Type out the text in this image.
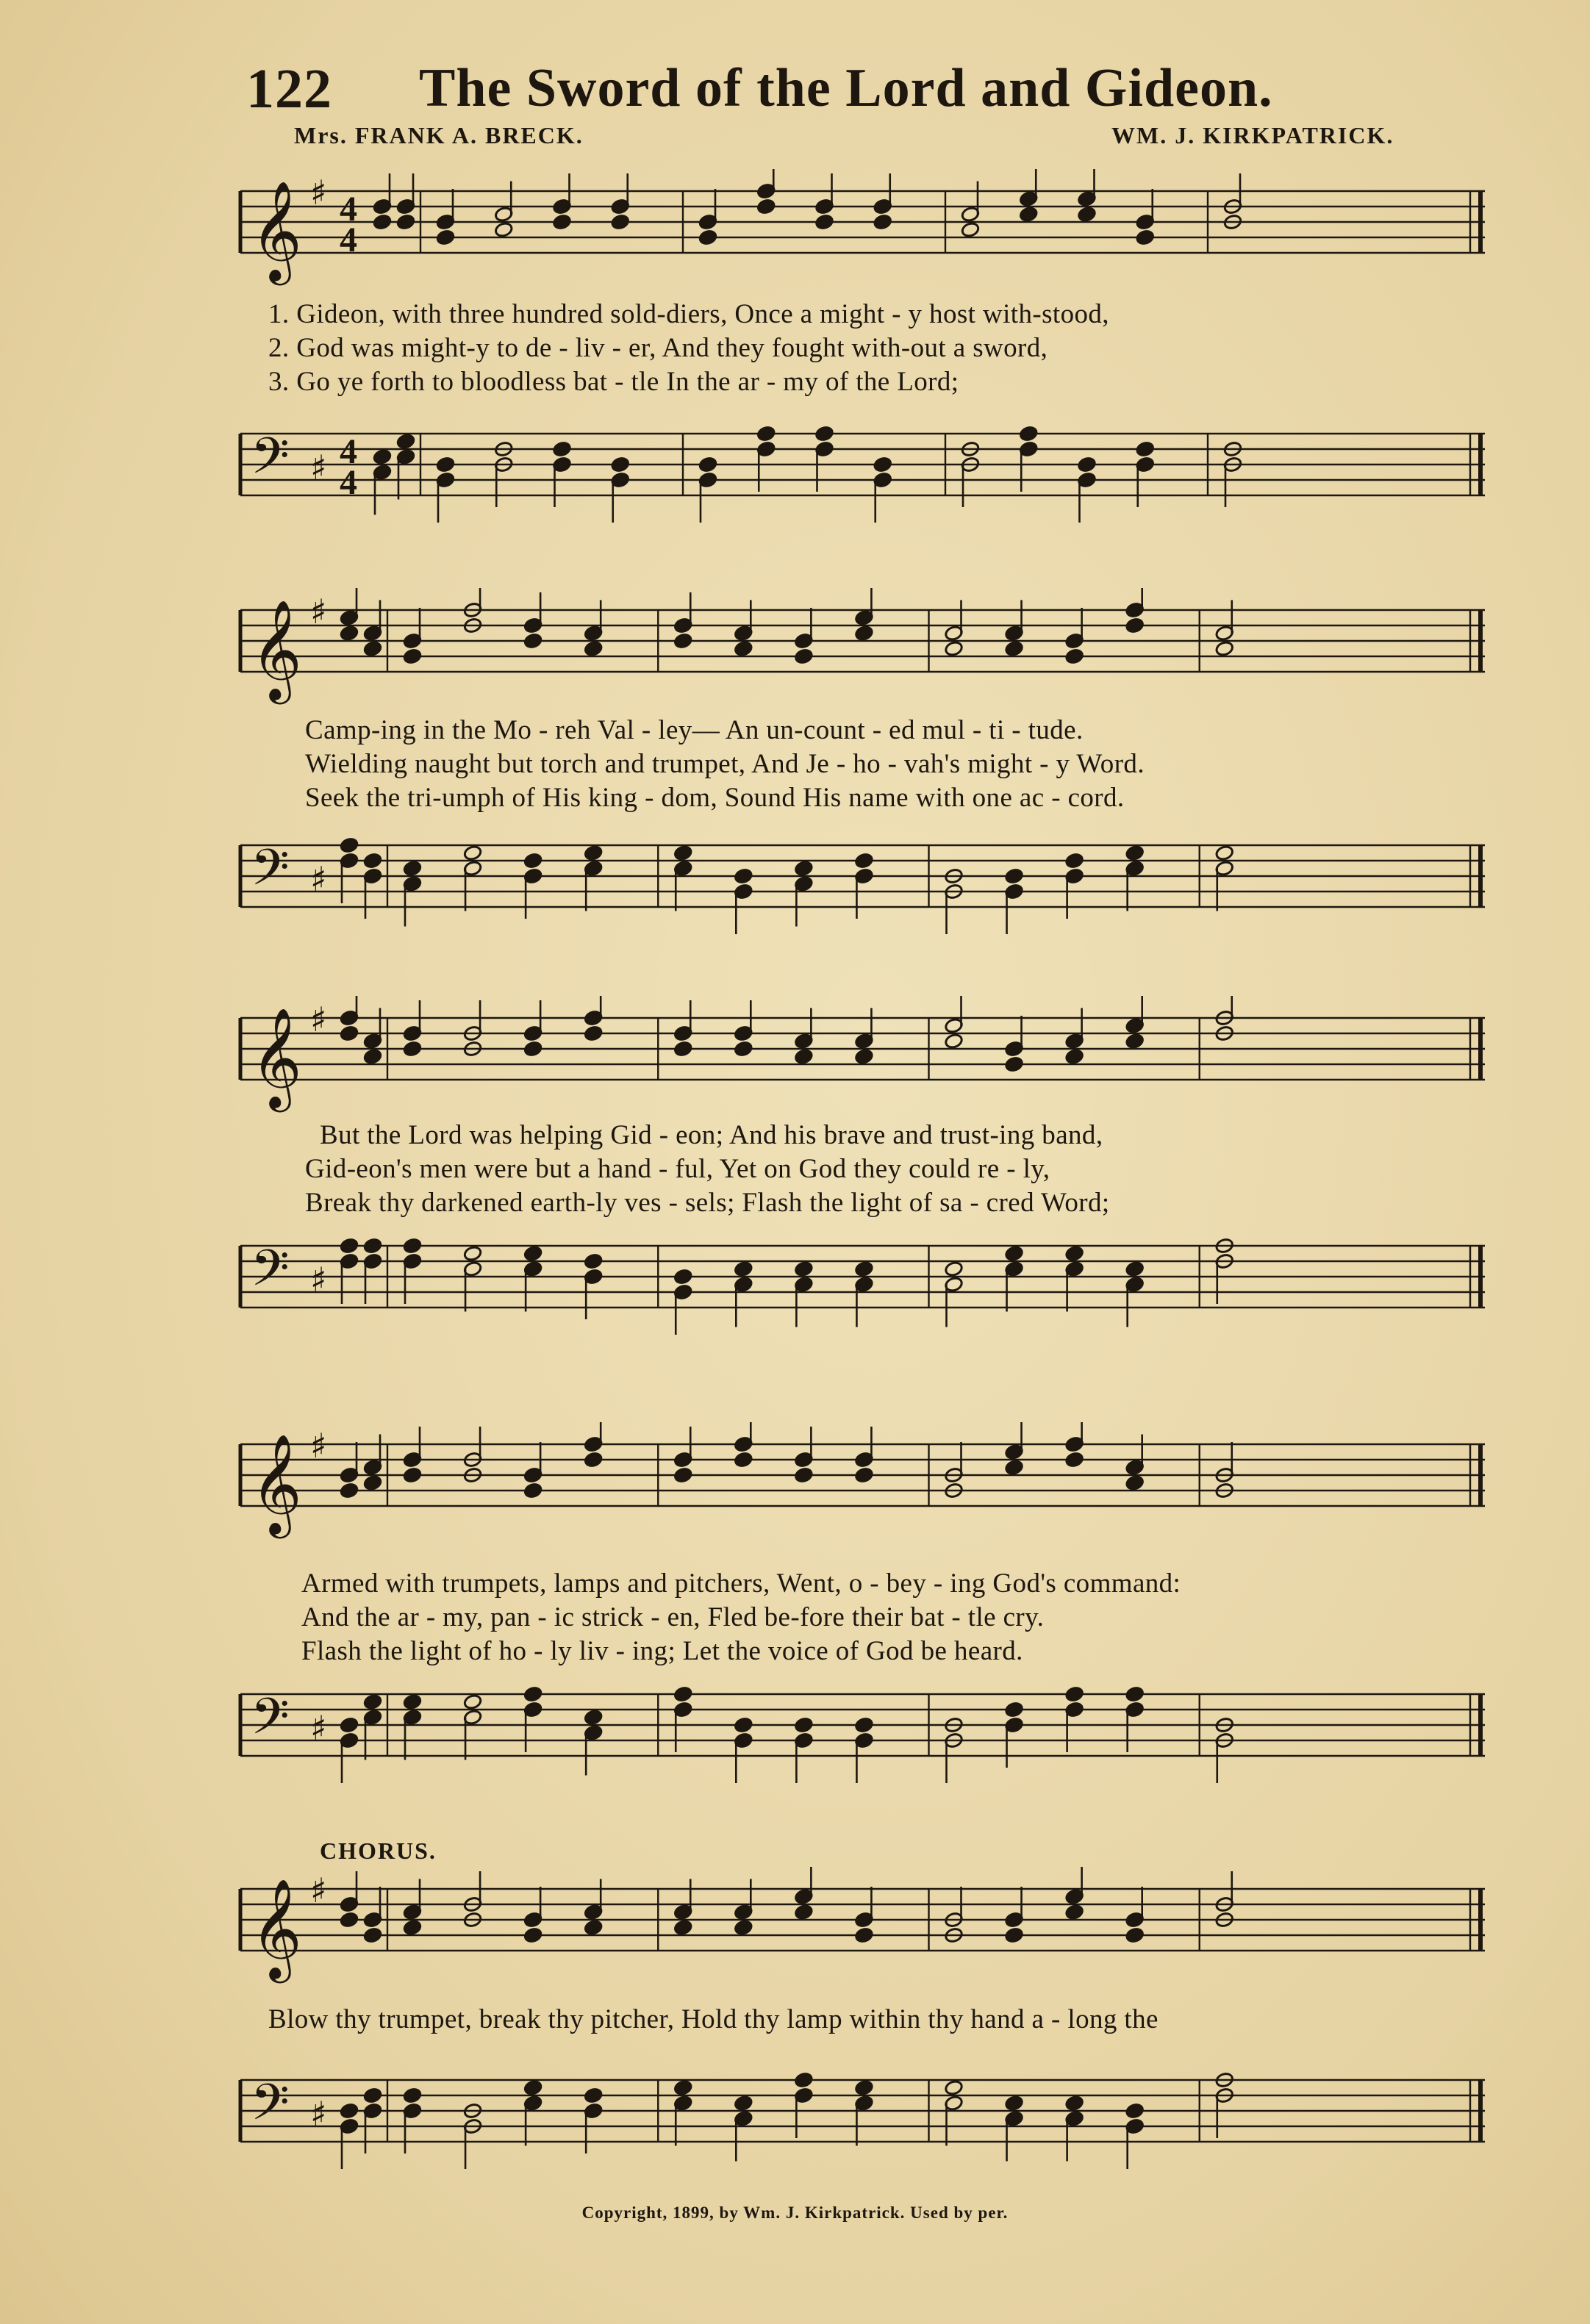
122 The Sword of the Lord and Gideon.
Mrs. FRANK A. BRECK.	WM. J. KIRKPATRICK.
𝄞 ♯ 4
4
1. Gideon, with three hundred sold-diers, Once a might - y host with-stood,
2. God was might-y to de - liv - er, And they fought with-out a sword,
3. Go ye forth to bloodless bat - tle In the ar - my of the Lord;
𝄢 ♯ 4
4
𝄞 ♯
Camp-ing in the Mo - reh Val - ley— An un-count - ed mul - ti - tude.
Wielding naught but torch and trumpet, And Je - ho - vah's might - y Word.
Seek the tri-umph of His king - dom, Sound His name with one ac - cord.
𝄢 ♯
𝄞 ♯
But the Lord was helping Gid - eon; And his brave and trust-ing band,
Gid-eon's men were but a hand - ful, Yet on God they could re - ly,
Break thy darkened earth-ly ves - sels; Flash the light of sa - cred Word;
𝄢 ♯
𝄞 ♯
Armed with trumpets, lamps and pitchers, Went, o - bey - ing God's command:
And the ar - my, pan - ic strick - en, Fled be-fore their bat - tle cry.
Flash the light of ho - ly liv - ing; Let the voice of God be heard.
𝄢 ♯
CHORUS.
𝄞 ♯
Blow thy trumpet, break thy pitcher, Hold thy lamp within thy hand a - long the
𝄢 ♯
Copyright, 1899, by Wm. J. Kirkpatrick. Used by per.
